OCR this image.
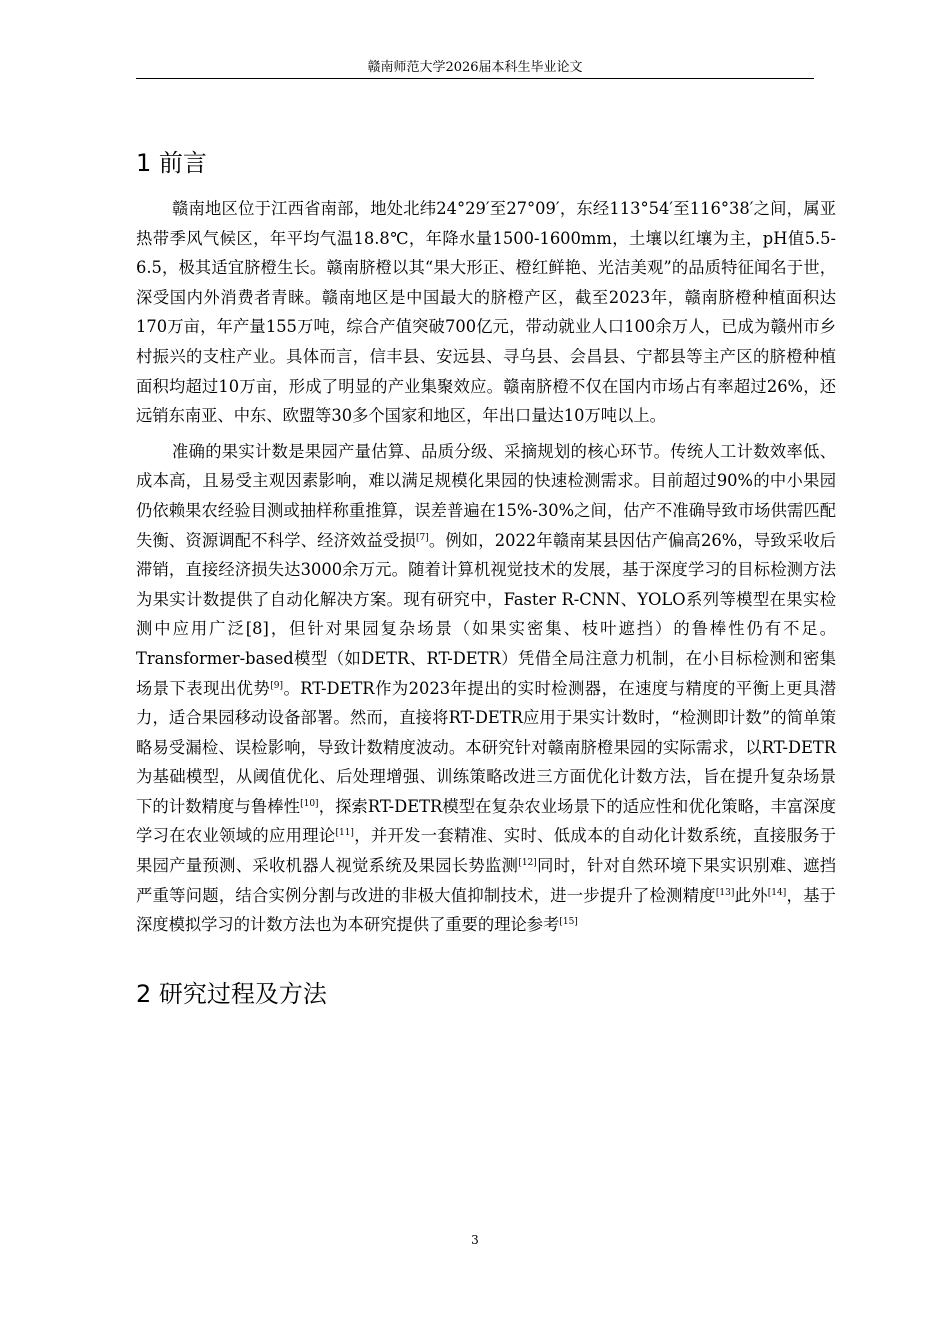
赣南师范大学2026届本科生毕业论文
1 前言

赣南地区位于江西省南部，地处北纬24°29′至27°09′，东经113°54′至116°38′之间，属亚热带季风气候区，年平均气温18.8℃，年降水量1500-1600mm，土壤以红壤为主，pH值5.5-6.5，极其适宜脐橙生长。赣南脐橙以其“果大形正、橙红鲜艳、光洁美观”的品质特征闻名于世，深受国内外消费者青睐。赣南地区是中国最大的脐橙产区，截至2023年，赣南脐橙种植面积达170万亩，年产量155万吨，综合产值突破700亿元，带动就业人口100余万人，已成为赣州市乡村振兴的支柱产业。具体而言，信丰县、安远县、寻乌县、会昌县、宁都县等主产区的脐橙种植面积均超过10万亩，形成了明显的产业集聚效应。赣南脐橙不仅在国内市场占有率超过26%，还远销东南亚、中东、欧盟等30多个国家和地区，年出口量达10万吨以上。

准确的果实计数是果园产量估算、品质分级、采摘规划的核心环节。传统人工计数效率低、成本高，且易受主观因素影响，难以满足规模化果园的快速检测需求。目前超过90%的中小果园仍依赖果农经验目测或抽样称重推算，误差普遍在15%-30%之间，估产不准确导致市场供需匹配失衡、资源调配不科学、经济效益受损[7]。例如，2022年赣南某县因估产偏高26%，导致采收后滞销，直接经济损失达3000余万元。随着计算机视觉技术的发展，基于深度学习的目标检测方法为果实计数提供了自动化解决方案。现有研究中，Faster R-CNN、YOLO系列等模型在果实检测中应用广泛[8]，但针对果园复杂场景（如果实密集、枝叶遮挡）的鲁棒性仍有不足。Transformer-based模型（如DETR、RT-DETR）凭借全局注意力机制，在小目标检测和密集场景下表现出优势[9]。RT-DETR作为2023年提出的实时检测器，在速度与精度的平衡上更具潜力，适合果园移动设备部署。然而，直接将RT-DETR应用于果实计数时，“检测即计数”的简单策略易受漏检、误检影响，导致计数精度波动。本研究针对赣南脐橙果园的实际需求，以RT-DETR为基础模型，从阈值优化、后处理增强、训练策略改进三方面优化计数方法，旨在提升复杂场景下的计数精度与鲁棒性[10]，探索RT-DETR模型在复杂农业场景下的适应性和优化策略，丰富深度学习在农业领域的应用理论[11]，并开发一套精准、实时、低成本的自动化计数系统，直接服务于果园产量预测、采收机器人视觉系统及果园长势监测[12]同时，针对自然环境下果实识别难、遮挡严重等问题，结合实例分割与改进的非极大值抑制技术，进一步提升了检测精度[13]此外[14]，基于深度模拟学习的计数方法也为本研究提供了重要的理论参考[15]

2 研究过程及方法
3
